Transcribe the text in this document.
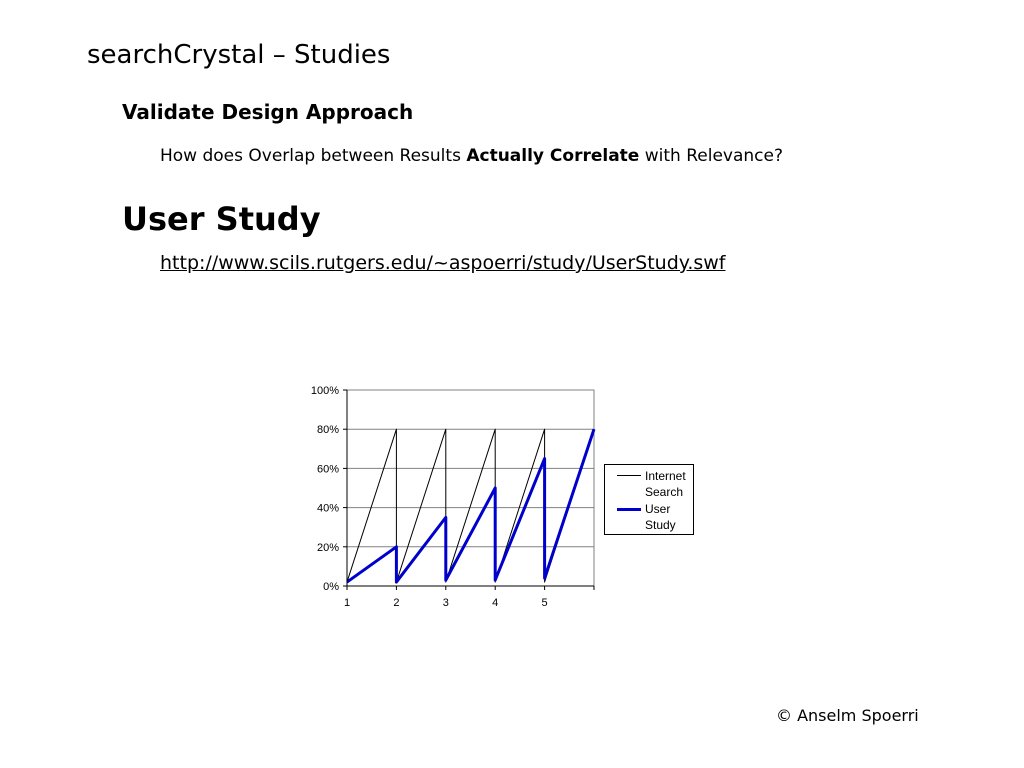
searchCrystal – Studies
Validate Design Approach
How does Overlap between Results Actually Correlate with Relevance?
User Study
http://www.scils.rutgers.edu/~aspoerri/study/UserStudy.swf
0%
20%
40%
60%
80%
100%
1	2	3	4	5
Internet
Search
User
Study
© Anselm Spoerri
